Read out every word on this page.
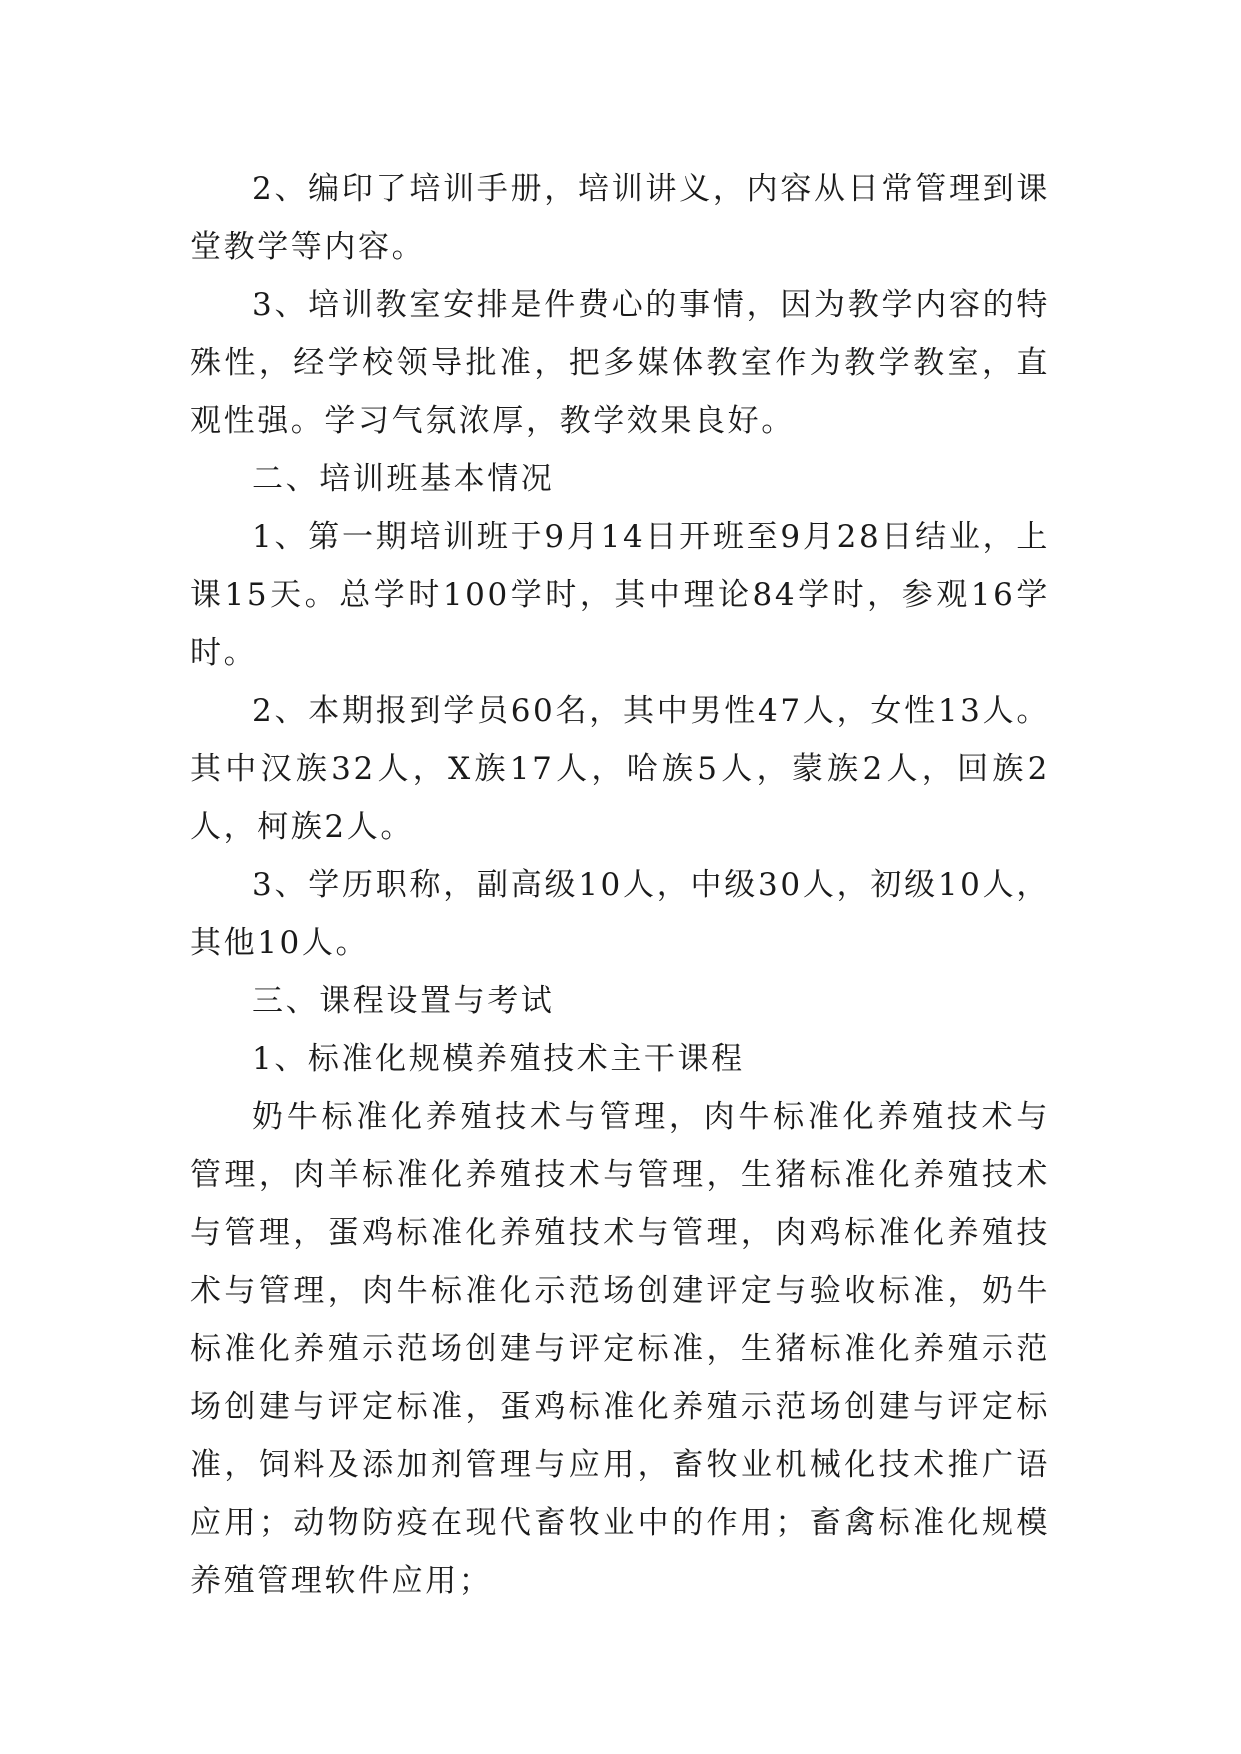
2、编印了培训手册，培训讲义，内容从日常管理到课堂教学等内容。

3、培训教室安排是件费心的事情，因为教学内容的特殊性，经学校领导批准，把多媒体教室作为教学教室，直观性强。学习气氛浓厚，教学效果良好。

二、培训班基本情况

1、第一期培训班于9月14日开班至9月28日结业，上课15天。总学时100学时，其中理论84学时，参观16学时。

2、本期报到学员60名，其中男性47人，女性13人。其中汉族32人，X族17人，哈族5人，蒙族2人，回族2人，柯族2人。

3、学历职称，副高级10人，中级30人，初级10人，其他10人。

三、课程设置与考试

1、标准化规模养殖技术主干课程

奶牛标准化养殖技术与管理，肉牛标准化养殖技术与管理，肉羊标准化养殖技术与管理，生猪标准化养殖技术与管理，蛋鸡标准化养殖技术与管理，肉鸡标准化养殖技术与管理，肉牛标准化示范场创建评定与验收标准，奶牛标准化养殖示范场创建与评定标准，生猪标准化养殖示范场创建与评定标准，蛋鸡标准化养殖示范场创建与评定标准，饲料及添加剂管理与应用，畜牧业机械化技术推广语应用；动物防疫在现代畜牧业中的作用；畜禽标准化规模养殖管理软件应用；
